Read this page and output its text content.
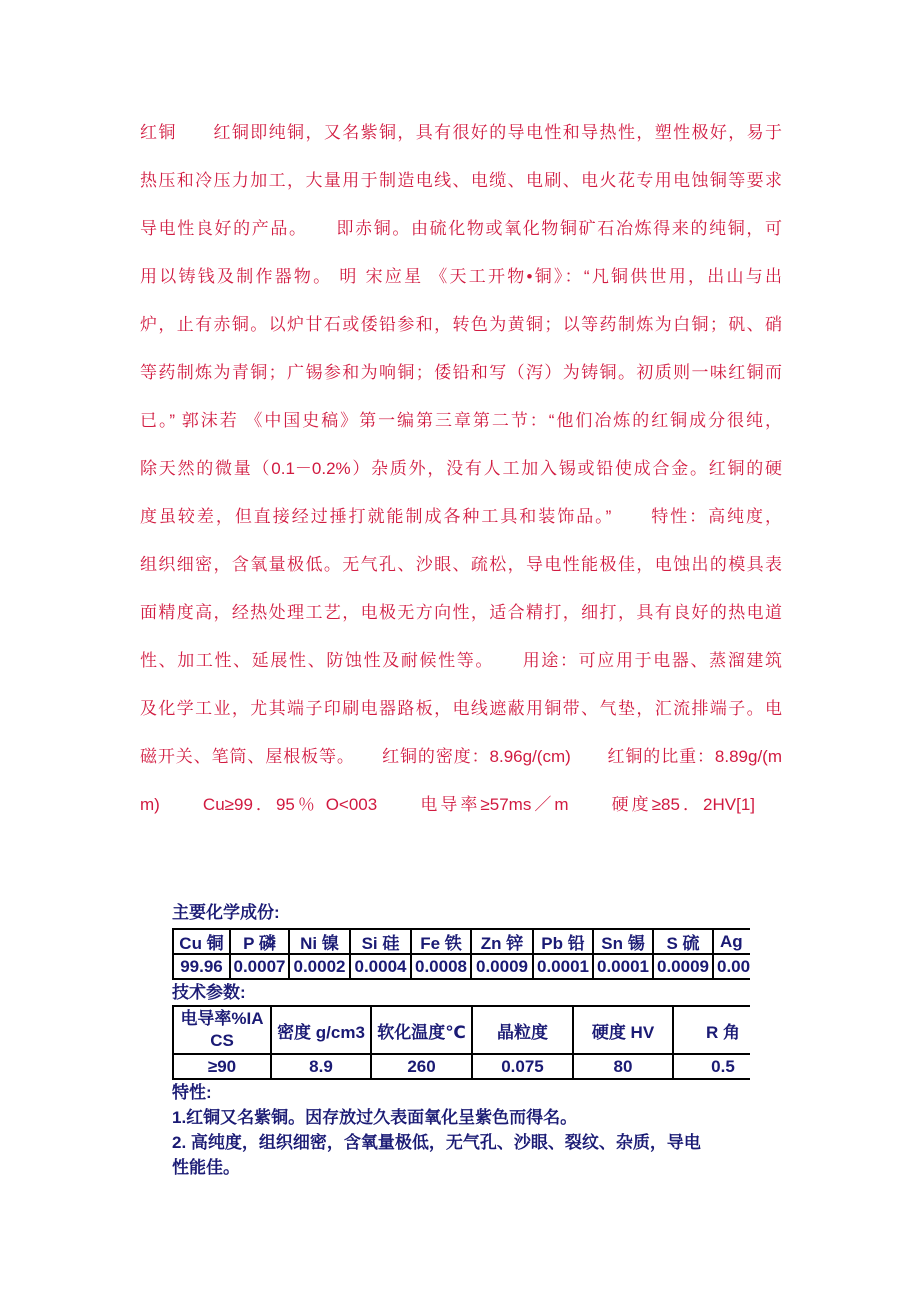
红铜　　红铜即纯铜，又名紫铜，具有很好的导电性和导热性，塑性极好，易于
热压和冷压力加工，大量用于制造电线、电缆、电刷、电火花专用电蚀铜等要求
导电性良好的产品。　　即赤铜。由硫化物或氧化物铜矿石冶炼得来的纯铜，可
用以铸钱及制作器物。 明 宋应星 《天工开物•铜》：“凡铜供世用，出山与出
炉，止有赤铜。以炉甘石或倭铅参和，转色为黄铜；以等药制炼为白铜；矾、硝
等药制炼为青铜；广锡参和为响铜；倭铅和写（泻）为铸铜。初质则一味红铜而
已。” 郭沫若 《中国史稿》第一编第三章第二节：“他们冶炼的红铜成分很纯，
除天然的微量（0.1－0.2%）杂质外，没有人工加入锡或铅使成合金。红铜的硬
度虽较差，但直接经过捶打就能制成各种工具和装饰品。”　　特性：高纯度，
组织细密，含氧量极低。无气孔、沙眼、疏松，导电性能极佳，电蚀出的模具表
面精度高，经热处理工艺，电极无方向性，适合精打，细打，具有良好的热电道
性、加工性、延展性、防蚀性及耐候性等。　　用途：可应用于电器、蒸溜建筑
及化学工业，尤其端子印刷电器路板，电线遮蔽用铜带、气垫，汇流排端子。电
磁开关、笔筒、屋根板等。　　红铜的密度：8.96g/(cm)　　红铜的比重：8.89g/(m
m)　　Cu≥99．95％ O<003　　电导率≥57ms／m　　硬度≥85．2HV[1]
主要化学成份:
Cu 铜	P 磷	Ni 镍	Si 硅	Fe 铁	Zn 锌	Pb 铅 Sn 锡	S 硫	Ag
99.96 0.0007 0.0002 0.0004 0.0008 0.0009 0.0001 0.0001 0.0009 0.00
技术参数:
电导率%IA
CS	密度 g/cm3 软化温度℃	晶粒度	硬度 HV	R 角
≥90	8.9	260	0.075	80	0.5
特性:
1.红铜又名紫铜。因存放过久表面氧化呈紫色而得名。
2. 高纯度，组织细密，含氧量极低，无气孔、沙眼、裂纹、杂质，导电
性能佳。
